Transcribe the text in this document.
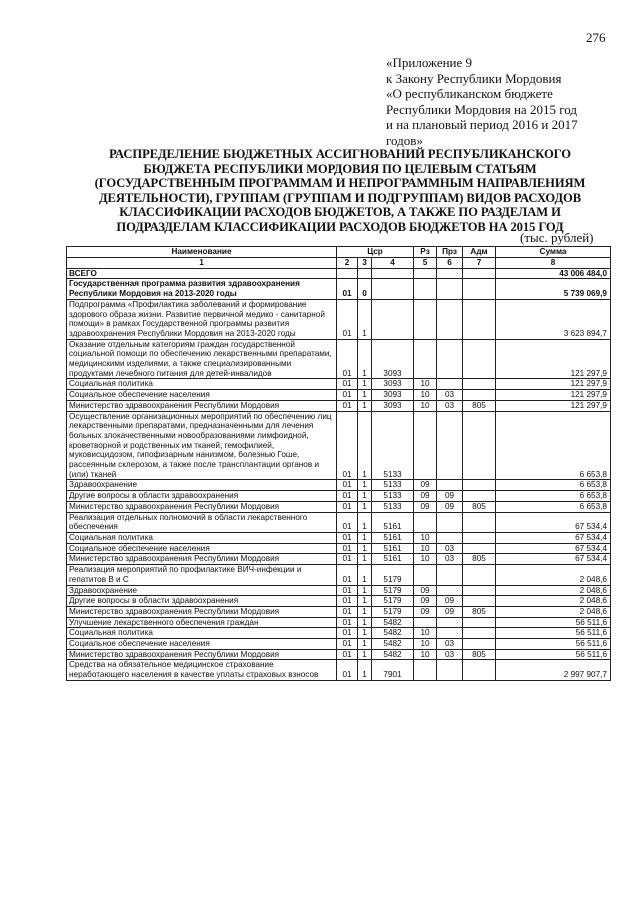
276
«Приложение 9
к Закону Республики Мордовия
«О республиканском бюджете
Республики Мордовия на 2015 год
и на плановый период 2016 и 2017
годов»
РАСПРЕДЕЛЕНИЕ БЮДЖЕТНЫХ АССИГНОВАНИЙ РЕСПУБЛИКАНСКОГО
БЮДЖЕТА РЕСПУБЛИКИ МОРДОВИЯ ПО ЦЕЛЕВЫМ СТАТЬЯМ
(ГОСУДАРСТВЕННЫМ ПРОГРАММАМ И НЕПРОГРАММНЫМ НАПРАВЛЕНИЯМ
ДЕЯТЕЛЬНОСТИ), ГРУППАМ (ГРУППАМ И ПОДГРУППАМ) ВИДОВ РАСХОДОВ
КЛАССИФИКАЦИИ РАСХОДОВ БЮДЖЕТОВ, А ТАКЖЕ ПО РАЗДЕЛАМ И
ПОДРАЗДЕЛАМ КЛАССИФИКАЦИИ РАСХОДОВ БЮДЖЕТОВ НА 2015 ГОД
(тыс. рублей)
Наименование	Цср			Рз	Прз	Адм	Сумма
1	2	3	4	5	6	7	8
ВСЕГО							43 006 484,0
Государственная программа развития здравоохранения Республики Мордовия на 2013-2020 годы	01	0					5 739 069,9
Подпрограмма «Профилактика заболеваний и формирование здорового образа жизни. Развитие первичной медико - санитарной помощи» в рамках Государственной программы развития здравоохранения Республики Мордовия на 2013-2020 годы	01	1					3 623 894,7
Оказание отдельным категориям граждан государственной социальной помощи по обеспечению лекарственными препаратами, медицинскими изделиями, а также специализированными продуктами лечебного питания для детей-инвалидов	01	1	3093				121 297,9
Социальная политика	01	1	3093	10			121 297,9
Социальное обеспечение населения	01	1	3093	10	03		121 297,9
Министерство здравоохранения Республики Мордовия	01	1	3093	10	03	805	121 297,9
Осуществление организационных мероприятий по обеспечению лиц лекарственными препаратами, предназначенными для лечения больных злокачественными новообразованиями лимфоидной, кроветворной и родственных им тканей, гемофилией, муковисцидозом, гипофизарным нанизмом, болезнью Гоше, рассеянным склерозом, а также после трансплантации органов и (или) тканей	01	1	5133				6 653,8
Здравоохранение	01	1	5133	09			6 653,8
Другие вопросы в области здравоохранения	01	1	5133	09	09		6 653,8
Министерство здравоохранения Республики Мордовия	01	1	5133	09	09	805	6 653,8
Реализация отдельных полномочий в области лекарственного обеспечения	01	1	5161				67 534,4
Социальная политика	01	1	5161	10			67 534,4
Социальное обеспечение населения	01	1	5161	10	03		67 534,4
Министерство здравоохранения Республики Мордовия	01	1	5161	10	03	805	67 534,4
Реализация мероприятий по профилактике ВИЧ-инфекции и гепатитов В и С	01	1	5179				2 048,6
Здравоохранение	01	1	5179	09			2 048,6
Другие вопросы в области здравоохранения	01	1	5179	09	09		2 048,6
Министерство здравоохранения Республики Мордовия	01	1	5179	09	09	805	2 048,6
Улучшение лекарственного обеспечения граждан	01	1	5482				56 511,6
Социальная политика	01	1	5482	10			56 511,6
Социальное обеспечение населения	01	1	5482	10	03		56 511,6
Министерство здравоохранения Республики Мордовия	01	1	5482	10	03	805	56 511,6
Средства на обязательное медицинское страхование неработающего населения в качестве уплаты страховых взносов	01	1	7901				2 997 907,7
